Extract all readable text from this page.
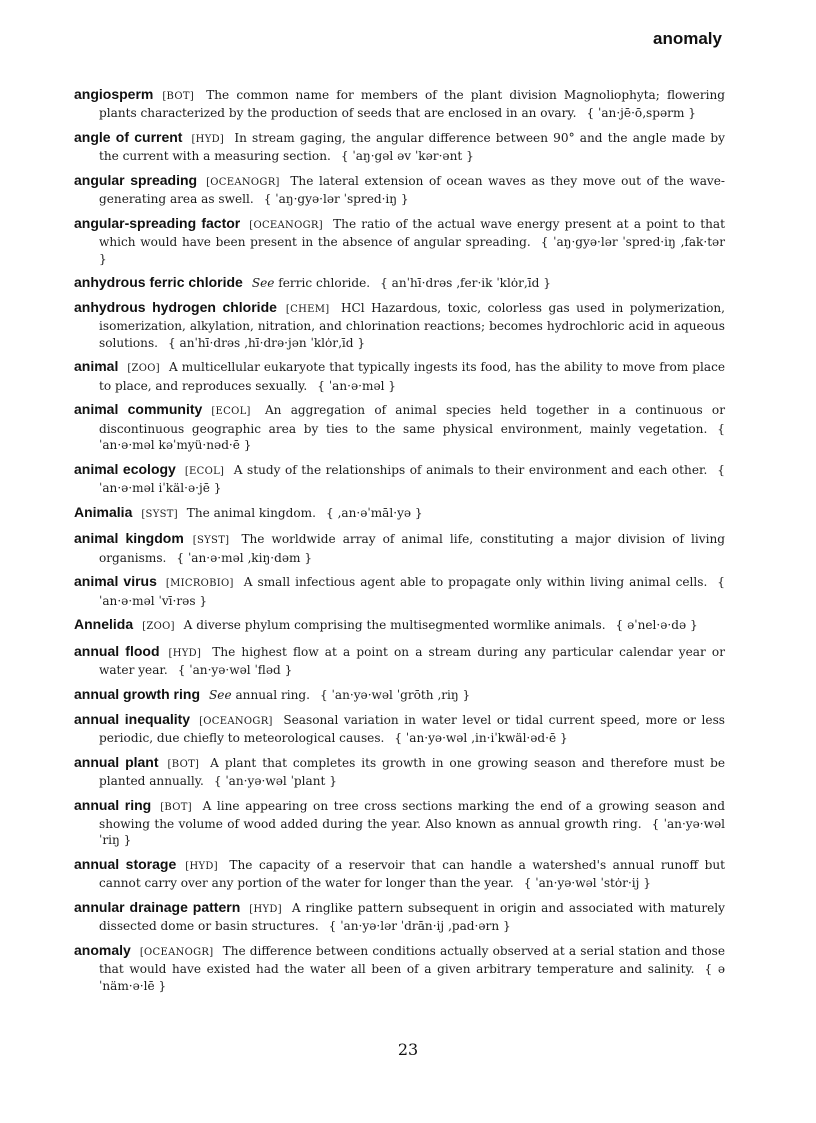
anomaly

angiosperm [BOT] The common name for members of the plant division Magnoliophyta; flowering plants characterized by the production of seeds that are enclosed in an ovary. { ˈan·jē·ō‚spərm }

angle of current [HYD] In stream gaging, the angular difference between 90° and the angle made by the current with a measuring section. { ˈaŋ·gəl əv ˈkər·ənt }

angular spreading [OCEANOGR] The lateral extension of ocean waves as they move out of the wave-generating area as swell. { ˈaŋ·gyə·lər ˈspred·iŋ }

angular-spreading factor [OCEANOGR] The ratio of the actual wave energy present at a point to that which would have been present in the absence of angular spreading. { ˈaŋ·gyə·lər ˈspred·iŋ ‚fak·tər }

anhydrous ferric chloride See ferric chloride. { anˈhī·drəs ‚fer·ik ˈklȯr‚īd }

anhydrous hydrogen chloride [CHEM] HCl Hazardous, toxic, colorless gas used in polymerization, isomerization, alkylation, nitration, and chlorination reactions; becomes hydrochloric acid in aqueous solutions. { anˈhī·drəs ‚hī·drə·jən ˈklȯr‚īd }

animal [ZOO] A multicellular eukaryote that typically ingests its food, has the ability to move from place to place, and reproduces sexually. { ˈan·ə·məl }

animal community [ECOL] An aggregation of animal species held together in a continuous or discontinuous geographic area by ties to the same physical environment, mainly vegetation. { ˈan·ə·məl kəˈmyü·nəd·ē }

animal ecology [ECOL] A study of the relationships of animals to their environment and each other. { ˈan·ə·məl iˈkäl·ə·jē }

Animalia [SYST] The animal kingdom. { ‚an·əˈmāl·yə }

animal kingdom [SYST] The worldwide array of animal life, constituting a major division of living organisms. { ˈan·ə·məl ‚kiŋ·dəm }

animal virus [MICROBIO] A small infectious agent able to propagate only within living animal cells. { ˈan·ə·məl ˈvī·rəs }

Annelida [ZOO] A diverse phylum comprising the multisegmented wormlike animals. { əˈnel·ə·də }

annual flood [HYD] The highest flow at a point on a stream during any particular calendar year or water year. { ˈan·yə·wəl ˈfləd }

annual growth ring See annual ring. { ˈan·yə·wəl ˈgrōth ‚riŋ }

annual inequality [OCEANOGR] Seasonal variation in water level or tidal current speed, more or less periodic, due chiefly to meteorological causes. { ˈan·yə·wəl ‚in·iˈkwäl·əd·ē }

annual plant [BOT] A plant that completes its growth in one growing season and therefore must be planted annually. { ˈan·yə·wəl ˈplant }

annual ring [BOT] A line appearing on tree cross sections marking the end of a growing season and showing the volume of wood added during the year. Also known as annual growth ring. { ˈan·yə·wəl ˈriŋ }

annual storage [HYD] The capacity of a reservoir that can handle a watershed's annual runoff but cannot carry over any portion of the water for longer than the year. { ˈan·yə·wəl ˈstȯr·ij }

annular drainage pattern [HYD] A ringlike pattern subsequent in origin and associated with maturely dissected dome or basin structures. { ˈan·yə·lər ˈdrān·ij ‚pad·ərn }

anomaly [OCEANOGR] The difference between conditions actually observed at a serial station and those that would have existed had the water all been of a given arbitrary temperature and salinity. { əˈnäm·ə·lē }

23
